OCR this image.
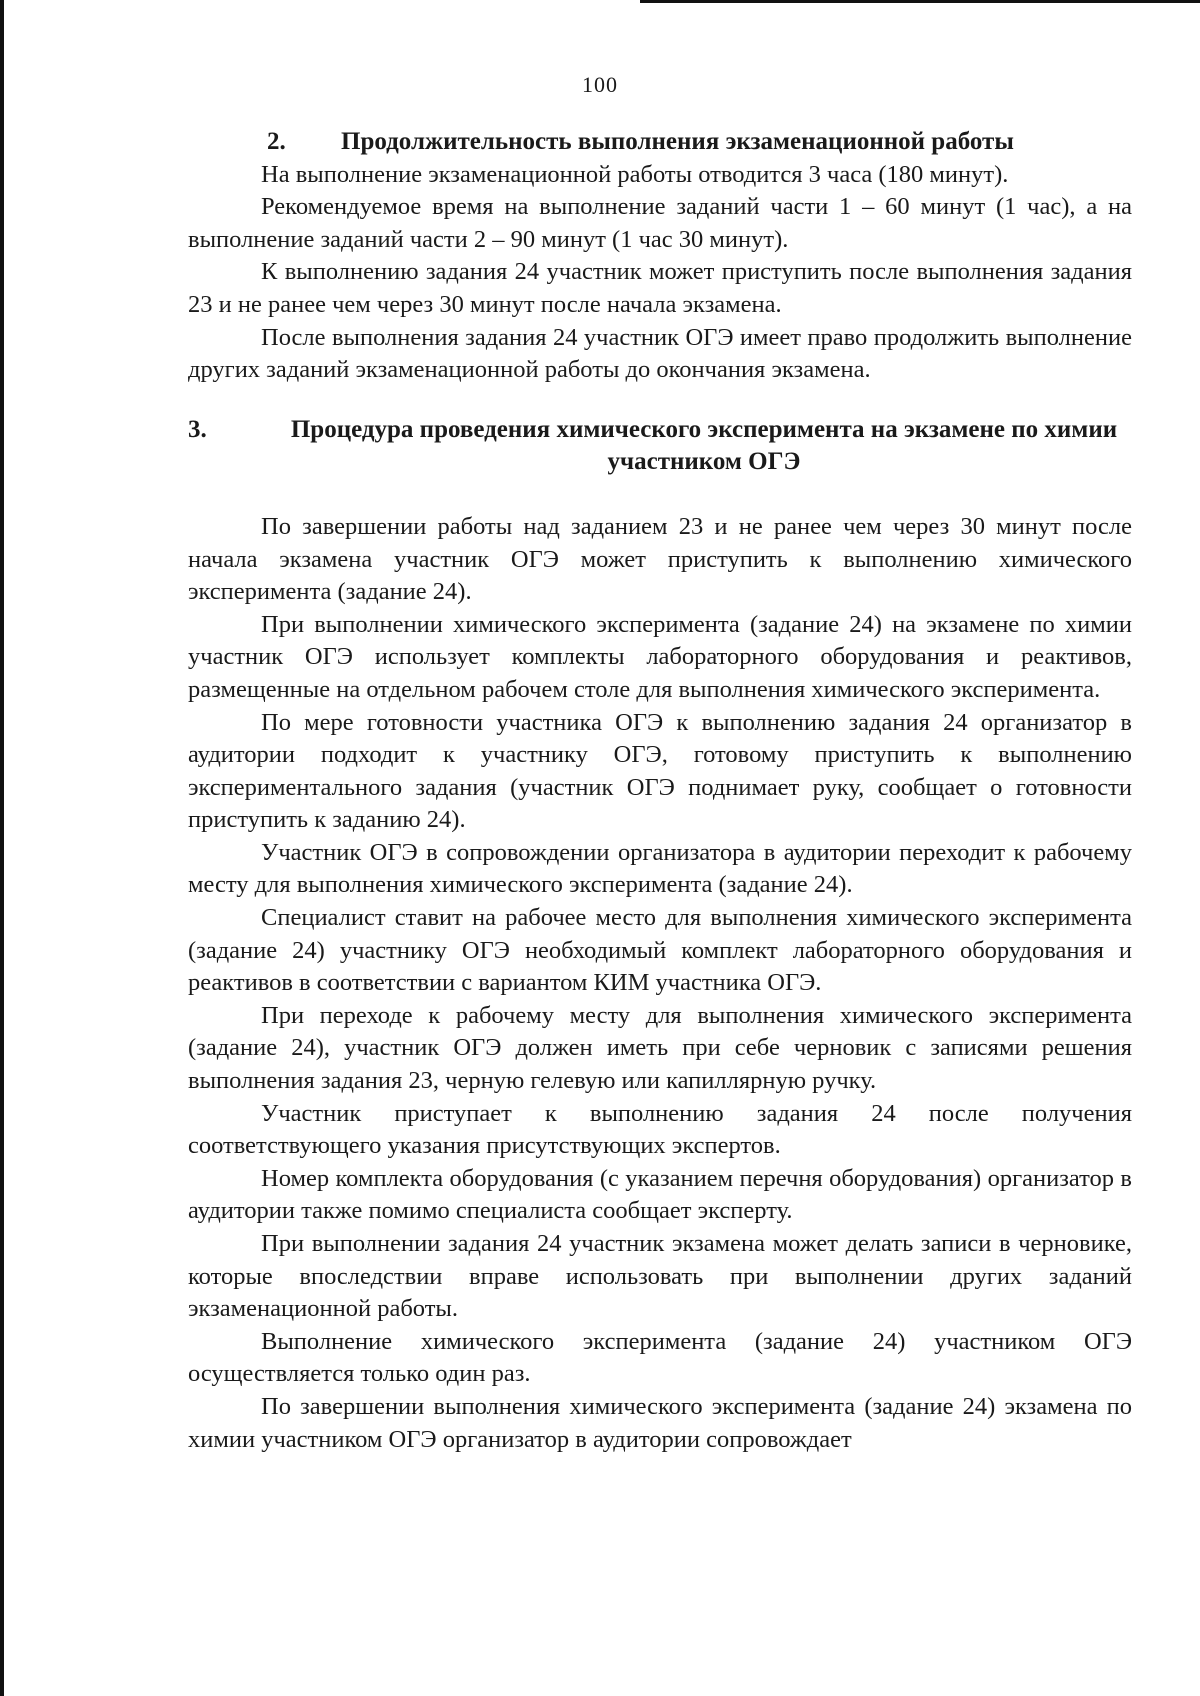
100
2.	Продолжительность выполнения экзаменационной работы

На выполнение экзаменационной работы отводится 3 часа (180 минут).

Рекомендуемое время на выполнение заданий части 1 – 60 минут (1 час), а на выполнение заданий части 2 – 90 минут (1 час 30 минут).

К выполнению задания 24 участник может приступить после выполнения задания 23 и не ранее чем через 30 минут после начала экзамена.

После выполнения задания 24 участник ОГЭ имеет право продолжить выполнение других заданий экзаменационной работы до окончания экзамена.

3.	Процедура проведения химического эксперимента на экзамене по химии участником ОГЭ

По завершении работы над заданием 23 и не ранее чем через 30 минут после начала экзамена участник ОГЭ может приступить к выполнению химического эксперимента (задание 24).

При выполнении химического эксперимента (задание 24) на экзамене по химии участник ОГЭ использует комплекты лабораторного оборудования и реактивов, размещенные на отдельном рабочем столе для выполнения химического эксперимента.

По мере готовности участника ОГЭ к выполнению задания 24 организатор в аудитории подходит к участнику ОГЭ, готовому приступить к выполнению экспериментального задания (участник ОГЭ поднимает руку, сообщает о готовности приступить к заданию 24).

Участник ОГЭ в сопровождении организатора в аудитории переходит к рабочему месту для выполнения химического эксперимента (задание 24).

Специалист ставит на рабочее место для выполнения химического эксперимента (задание 24) участнику ОГЭ необходимый комплект лабораторного оборудования и реактивов в соответствии с вариантом КИМ участника ОГЭ.

При переходе к рабочему месту для выполнения химического эксперимента (задание 24), участник ОГЭ должен иметь при себе черновик с записями решения выполнения задания 23, черную гелевую или капиллярную ручку.

Участник приступает к выполнению задания 24 после получения соответствующего указания присутствующих экспертов.

Номер комплекта оборудования (с указанием перечня оборудования) организатор в аудитории также помимо специалиста сообщает эксперту.

При выполнении задания 24 участник экзамена может делать записи в черновике, которые впоследствии вправе использовать при выполнении других заданий экзаменационной работы.

Выполнение химического эксперимента (задание 24) участником ОГЭ осуществляется только один раз.

По завершении выполнения химического эксперимента (задание 24) экзамена по химии участником ОГЭ организатор в аудитории сопровождает
